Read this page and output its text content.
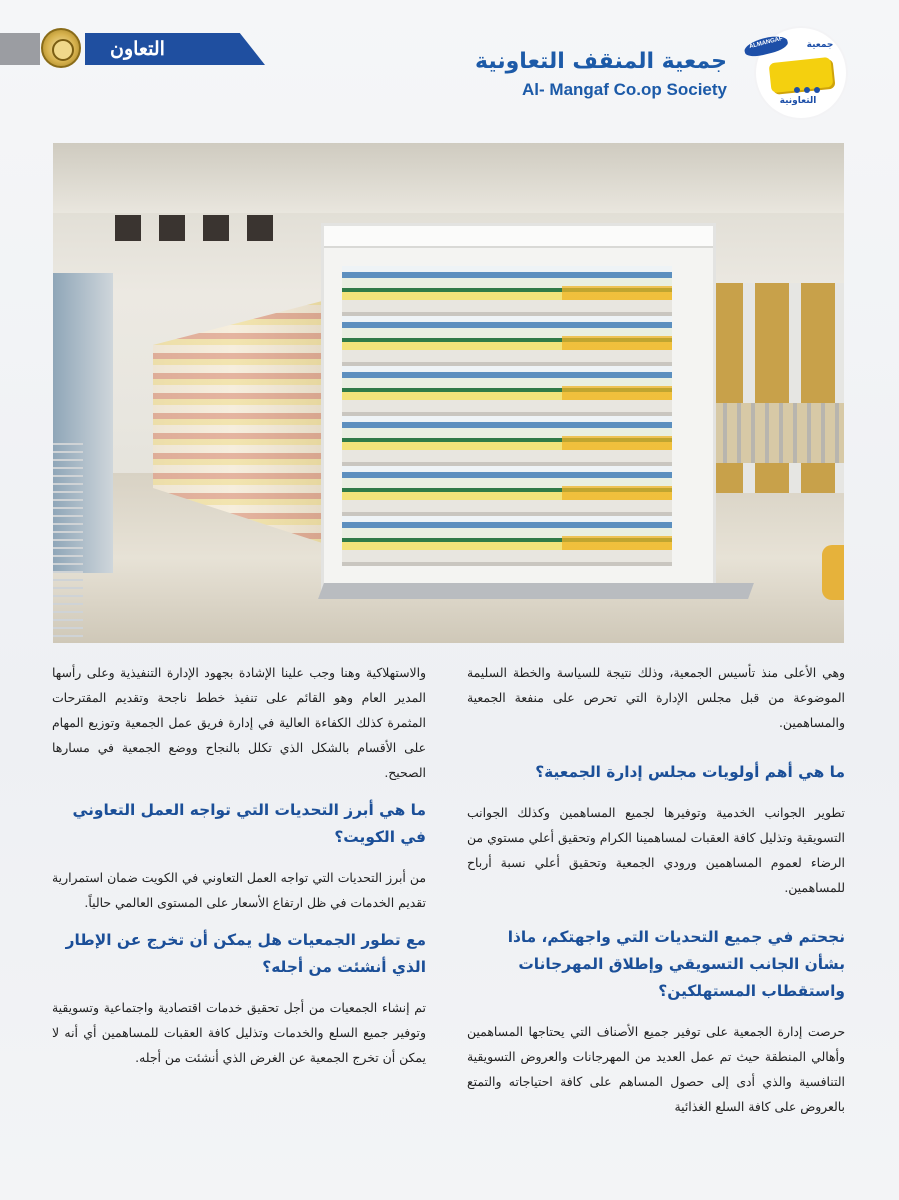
التعاون	جمعية المنقف التعاونية
Al- Mangaf Co.op Society
ALMANGAF	جمعية
التعاونية

وهي الأعلى منذ تأسيس الجمعية، وذلك نتيجة للسياسة والخطة السليمة الموضوعة من قبل مجلس الإدارة التي تحرص على منفعة الجمعية والمساهمين.

ما هي أهم أولويات مجلس إدارة الجمعية؟

تطوير الجوانب الخدمية وتوفيرها لجميع المساهمين وكذلك الجوانب التسويقية وتذليل كافة العقبات لمساهمينا الكرام وتحقيق أعلي مستوي من الرضاء لعموم المساهمين ورودي الجمعية وتحقيق أعلي نسبة أرباح للمساهمين.

نجحتم في جميع التحديات التي واجهتكم، ماذا بشأن الجانب التسويقي وإطلاق المهرجانات واستقطاب المستهلكين؟

حرصت إدارة الجمعية على توفير جميع الأصناف التي يحتاجها المساهمين وأهالي المنطقة حيث تم عمل العديد من المهرجانات والعروض التسويقية التنافسية والذي أدى إلى حصول المساهم على كافة احتياجاته والتمتع بالعروض على كافة السلع الغذائية

والاستهلاكية وهنا وجب علينا الإشادة بجهود الإدارة التنفيذية وعلى رأسها المدير العام وهو القائم على تنفيذ خطط ناجحة وتقديم المقترحات المثمرة كذلك الكفاءة العالية في إدارة فريق عمل الجمعية وتوزيع المهام على الأقسام بالشكل الذي تكلل بالنجاح ووضع الجمعية في مسارها الصحيح.

ما هي أبرز التحديات التي تواجه العمل التعاوني في الكويت؟

من أبرز التحديات التي تواجه العمل التعاوني في الكويت ضمان استمرارية تقديم الخدمات في ظل ارتفاع الأسعار على المستوى العالمي حالياً.

مع تطور الجمعيات هل يمكن أن تخرج عن الإطار الذي أنشئت من أجله؟

تم إنشاء الجمعيات من أجل تحقيق خدمات اقتصادية واجتماعية وتسويقية وتوفير جميع السلع والخدمات وتذليل كافة العقبات للمساهمين أي أنه لا يمكن أن تخرج الجمعية عن الغرض الذي أنشئت من أجله.
